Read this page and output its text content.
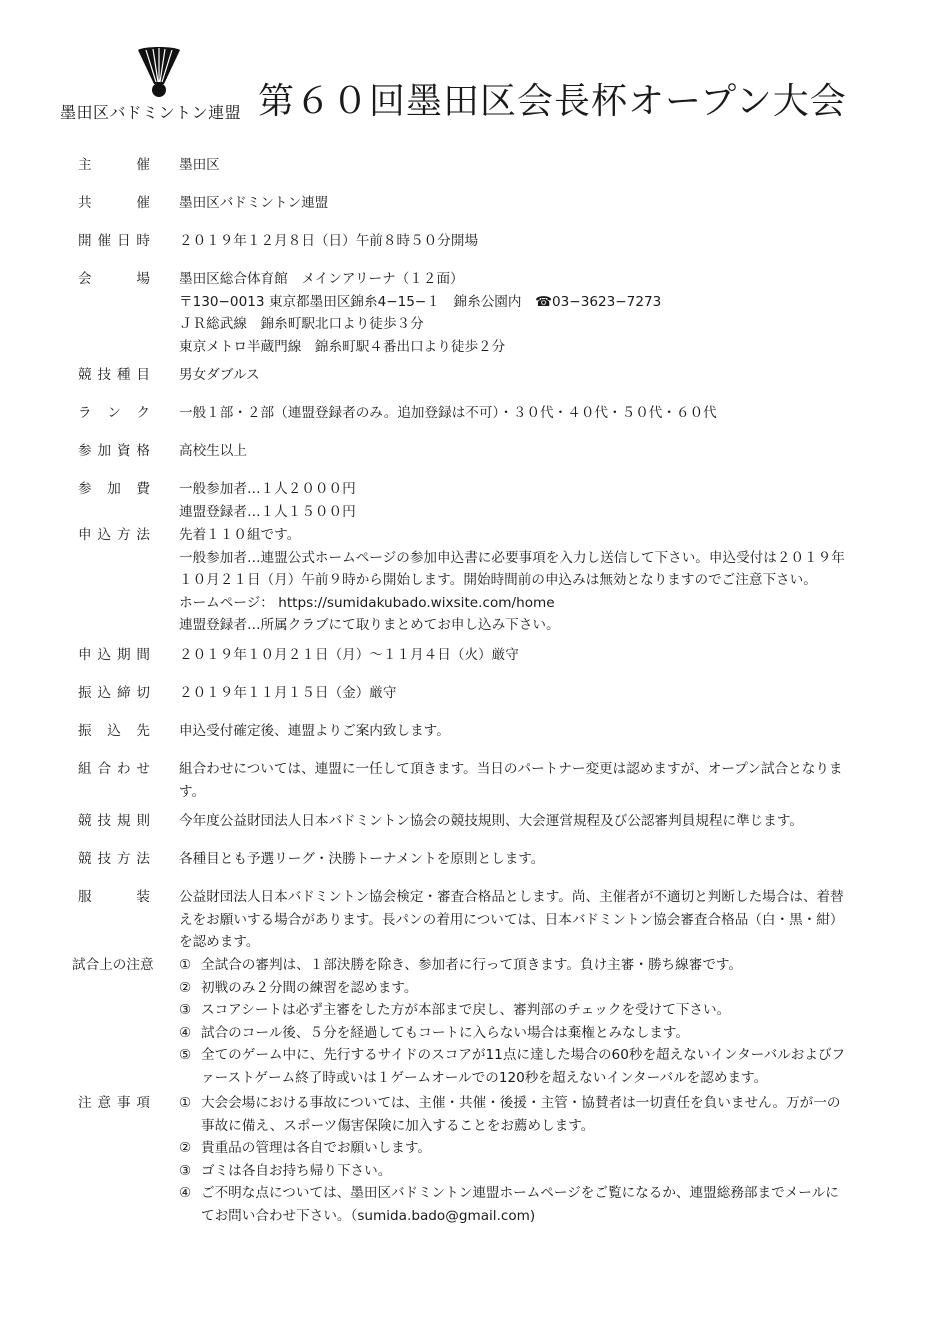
墨田区バドミントン連盟 第６０回墨田区会長杯オープン大会
主	催 墨田区
共	催 墨田区バドミントン連盟
開 催 日 時 ２０１９年１２月８日（日）午前８時５０分開場
会	場 墨田区総合体育館　メインアリーナ（１２面）
〒130−0013 東京都墨田区錦糸4−15−１　錦糸公園内　☎03−3623−7273
ＪＲ総武線　錦糸町駅北口より徒歩３分
東京メトロ半蔵門線　錦糸町駅４番出口より徒歩２分
競 技 種 目 男女ダブルス
ラ ン ク 一般１部・２部（連盟登録者のみ。追加登録は不可）・３０代・４０代・５０代・６０代
参 加 資 格 高校生以上
参 加 費 一般参加者…１人２０００円
連盟登録者…１人１５００円
申 込 方 法 先着１１０組です。
一般参加者…連盟公式ホームページの参加申込書に必要事項を入力し送信して下さい。申込受付は２０１９年
１０月２１日（月）午前９時から開始します。開始時間前の申込みは無効となりますのでご注意下さい。
ホームページ： https://sumidakubado.wixsite.com/home
連盟登録者…所属クラブにて取りまとめてお申し込み下さい。
申 込 期 間 ２０１９年１０月２１日（月）〜１１月４日（火）厳守
振 込 締 切 ２０１９年１１月１５日（金）厳守
振 込 先 申込受付確定後、連盟よりご案内致します。
組 合 わ せ 組合わせについては、連盟に一任して頂きます。当日のパートナー変更は認めますが、オープン試合となりま
す。
競 技 規 則 今年度公益財団法人日本バドミントン協会の競技規則、大会運営規程及び公認審判員規程に準じます。
競 技 方 法 各種目とも予選リーグ・決勝トーナメントを原則とします。
服	装 公益財団法人日本バドミントン協会検定・審査合格品とします。尚、主催者が不適切と判断した場合は、着替
えをお願いする場合があります。長パンの着用については、日本バドミントン協会審査合格品（白・黒・紺）
を認めます。
試合上の注意 ① 全試合の審判は、１部決勝を除き、参加者に行って頂きます。負け主審・勝ち線審です。
② 初戦のみ２分間の練習を認めます。
③ スコアシートは必ず主審をした方が本部まで戻し、審判部のチェックを受けて下さい。
④ 試合のコール後、５分を経過してもコートに入らない場合は棄権とみなします。
⑤ 全てのゲーム中に、先行するサイドのスコアが11点に達した場合の60秒を超えないインターバルおよびフ
ァーストゲーム終了時或いは１ゲームオールでの120秒を超えないインターバルを認めます。
注 意 事 項 ① 大会会場における事故については、主催・共催・後援・主管・協賛者は一切責任を負いません。万が一の
事故に備え、スポーツ傷害保険に加入することをお薦めします。
② 貴重品の管理は各自でお願いします。
③ ゴミは各自お持ち帰り下さい。
④ ご不明な点については、墨田区バドミントン連盟ホームページをご覧になるか、連盟総務部までメールに
てお問い合わせ下さい。（sumida.bado@gmail.com)
